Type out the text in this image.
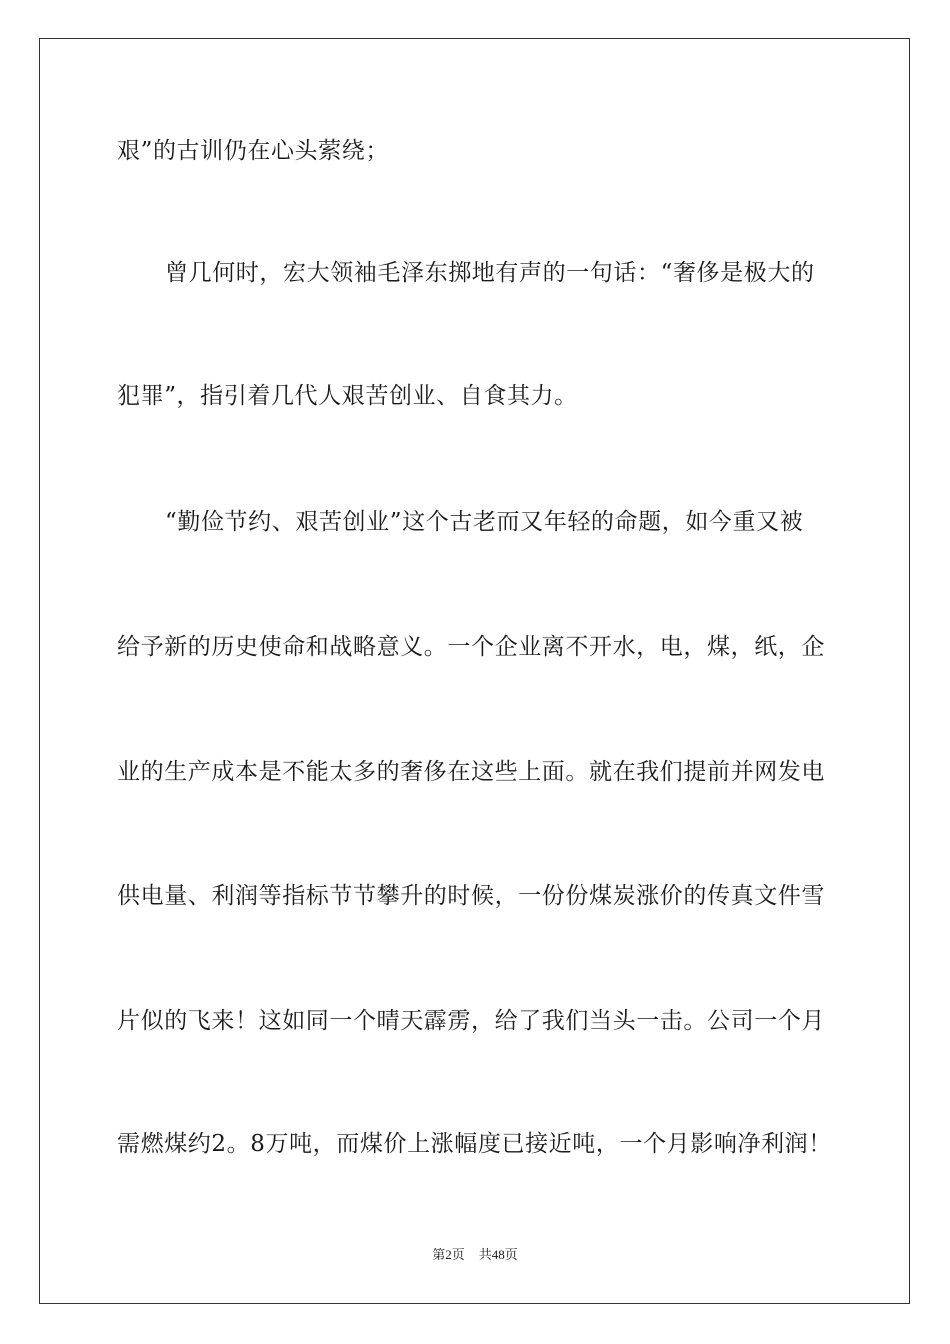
艰”的古训仍在心头萦绕；
曾几何时，宏大领袖毛泽东掷地有声的一句话：“奢侈是极大的
犯罪”，指引着几代人艰苦创业、自食其力。
“勤俭节约、艰苦创业”这个古老而又年轻的命题，如今重又被
给予新的历史使命和战略意义。一个企业离不开水，电，煤，纸，企
业的生产成本是不能太多的奢侈在这些上面。就在我们提前并网发电
供电量、利润等指标节节攀升的时候，一份份煤炭涨价的传真文件雪
片似的飞来！这如同一个晴天霹雳，给了我们当头一击。公司一个月
需燃煤约2。8万吨，而煤价上涨幅度已接近吨，一个月影响净利润！
第2页 共48页
